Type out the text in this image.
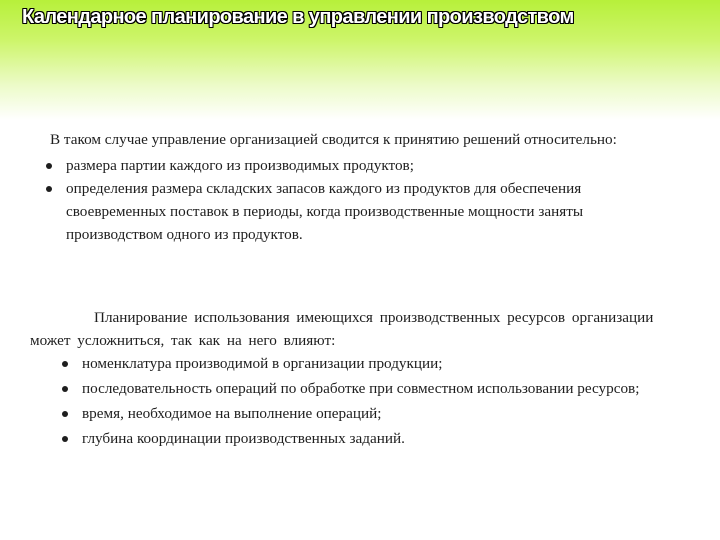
Календарное планирование в управлении производством

В таком случае управление организацией сводится к принятию решений относительно:

размера партии каждого из производимых продуктов;
определения размера складских запасов каждого из продуктов для обеспечения своевременных поставок в периоды, когда производственные мощности заняты производством одного из продуктов.

Планирование использования имеющихся производственных ресурсов организации может усложниться, так как на него влияют:

номенклатура производимой в организации продукции;
последовательность операций по обработке при совместном использовании ресурсов;
время, необходимое на выполнение операций;
глубина координации производственных заданий.
